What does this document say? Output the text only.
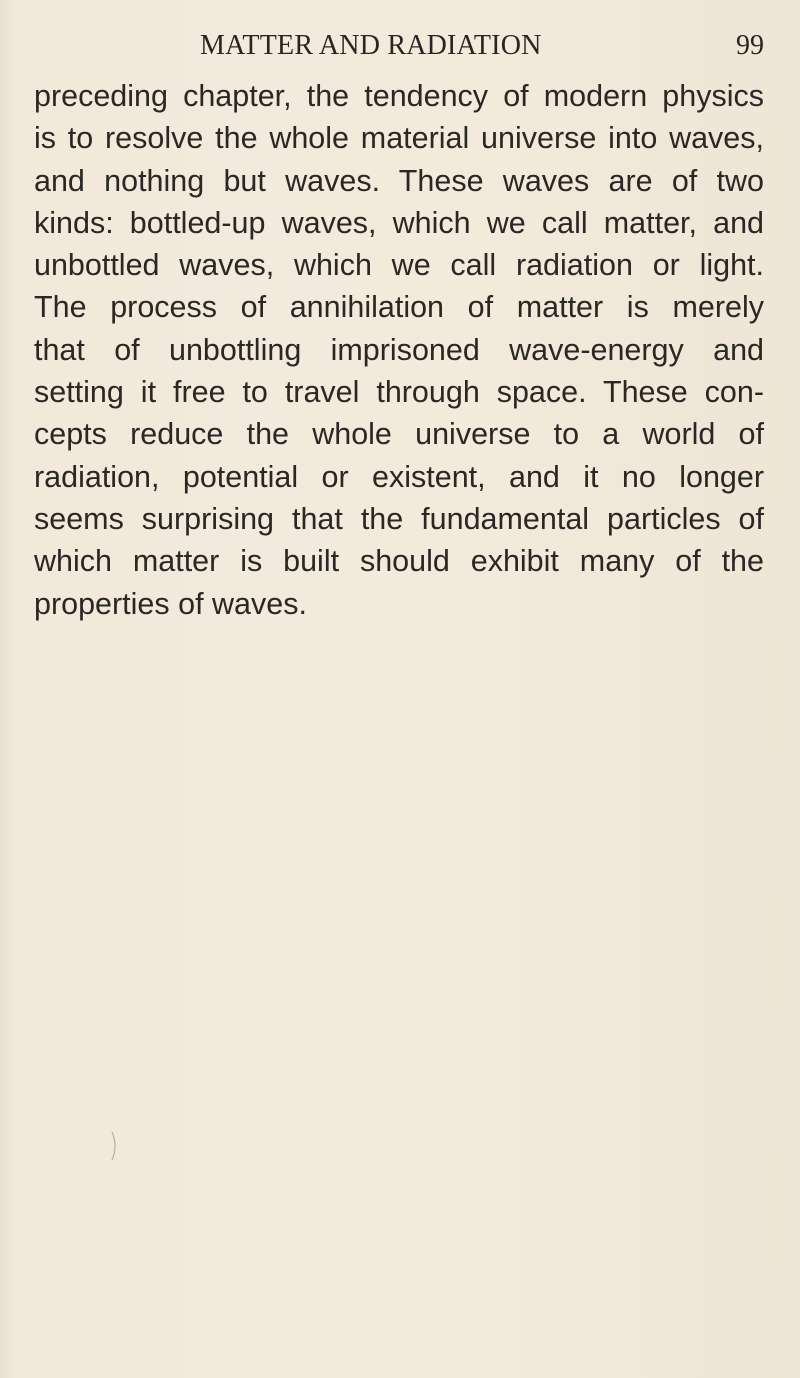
MATTER AND RADIATION	99
preceding chapter, the tendency of modern physics
is to resolve the whole material universe into waves,
and nothing but waves. These waves are of two
kinds: bottled-up waves, which we call matter, and
unbottled waves, which we call radiation or light.
The process of annihilation of matter is merely
that of unbottling imprisoned wave-energy and
setting it free to travel through space. These con-
cepts reduce the whole universe to a world of
radiation, potential or existent, and it no longer
seems surprising that the fundamental particles of
which matter is built should exhibit many of the
properties of waves.
